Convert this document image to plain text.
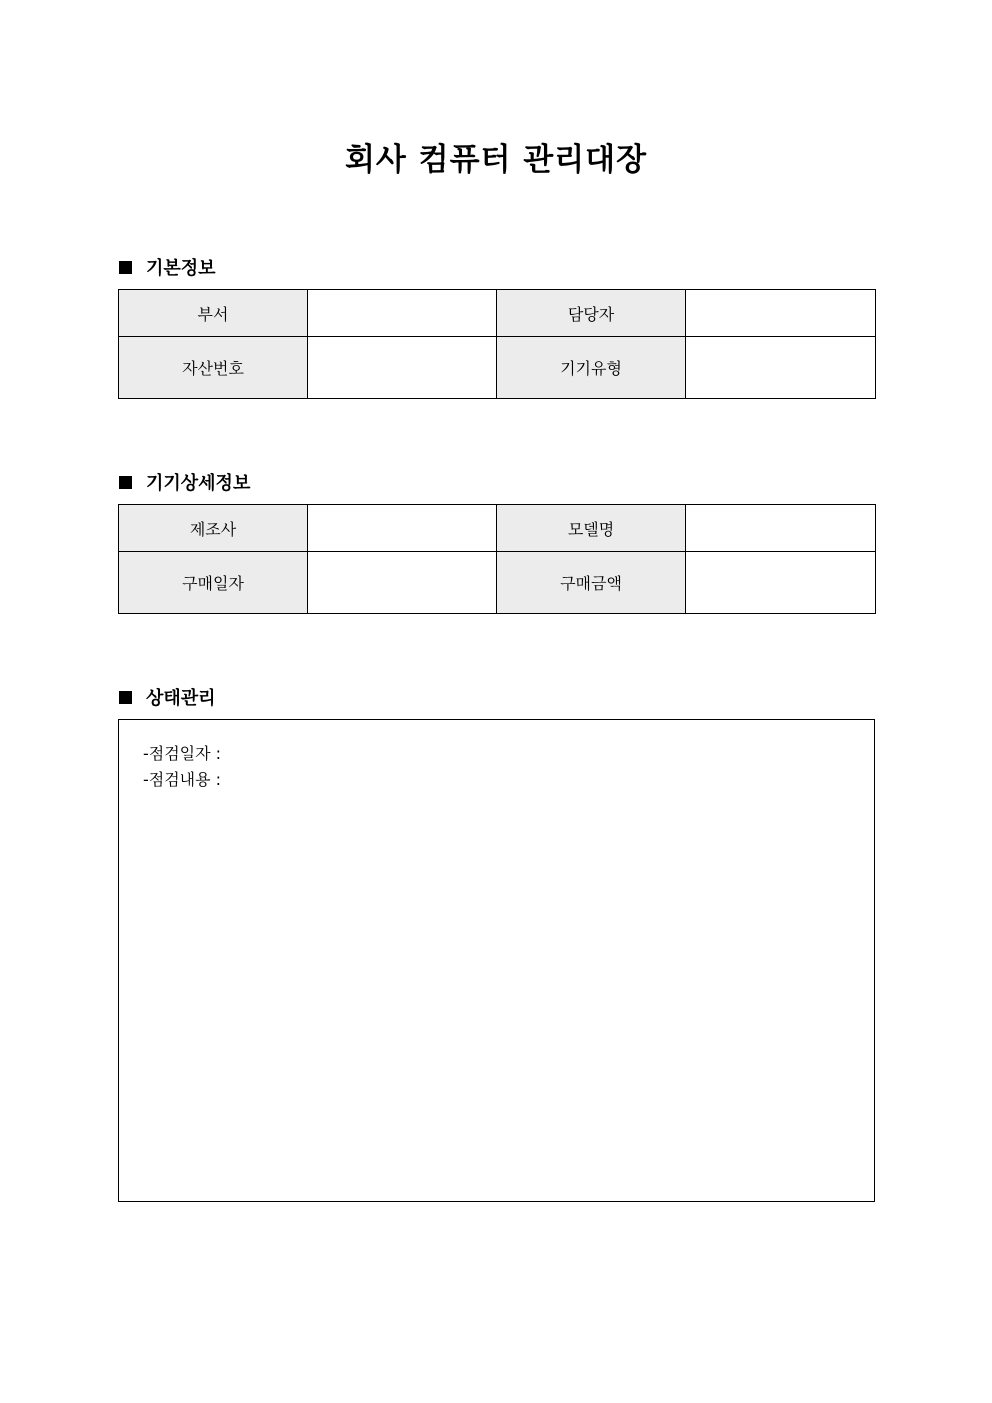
회사 컴퓨터 관리대장
기본정보
부서		담당자	
자산번호		기기유형	
기기상세정보
제조사		모델명	
구매일자		구매금액	
상태관리
-점검일자 :
-점검내용 :
